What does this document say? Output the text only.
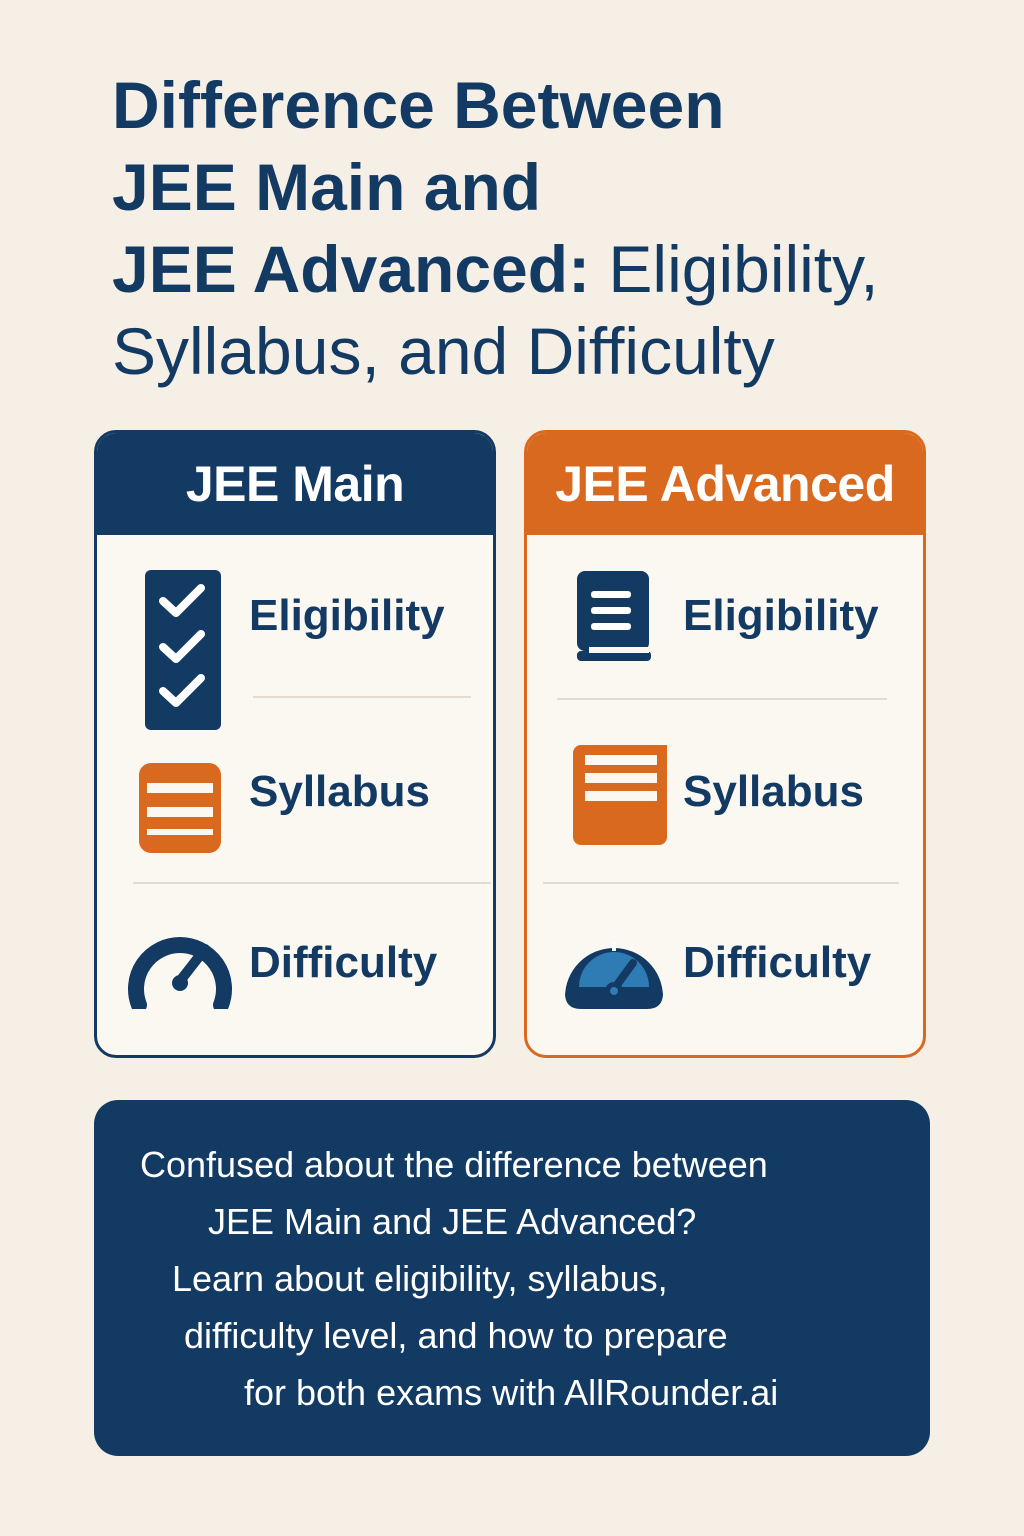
Difference Between
JEE Main and
JEE Advanced: Eligibility,
Syllabus, and Difficulty
JEE Main
Eligibility
Syllabus
Difficulty
JEE Advanced
Eligibility
Syllabus
Difficulty
Confused about the difference between
JEE Main and JEE Advanced?
Learn about eligibility, syllabus,
difficulty level, and how to prepare
for both exams with AllRounder.ai
